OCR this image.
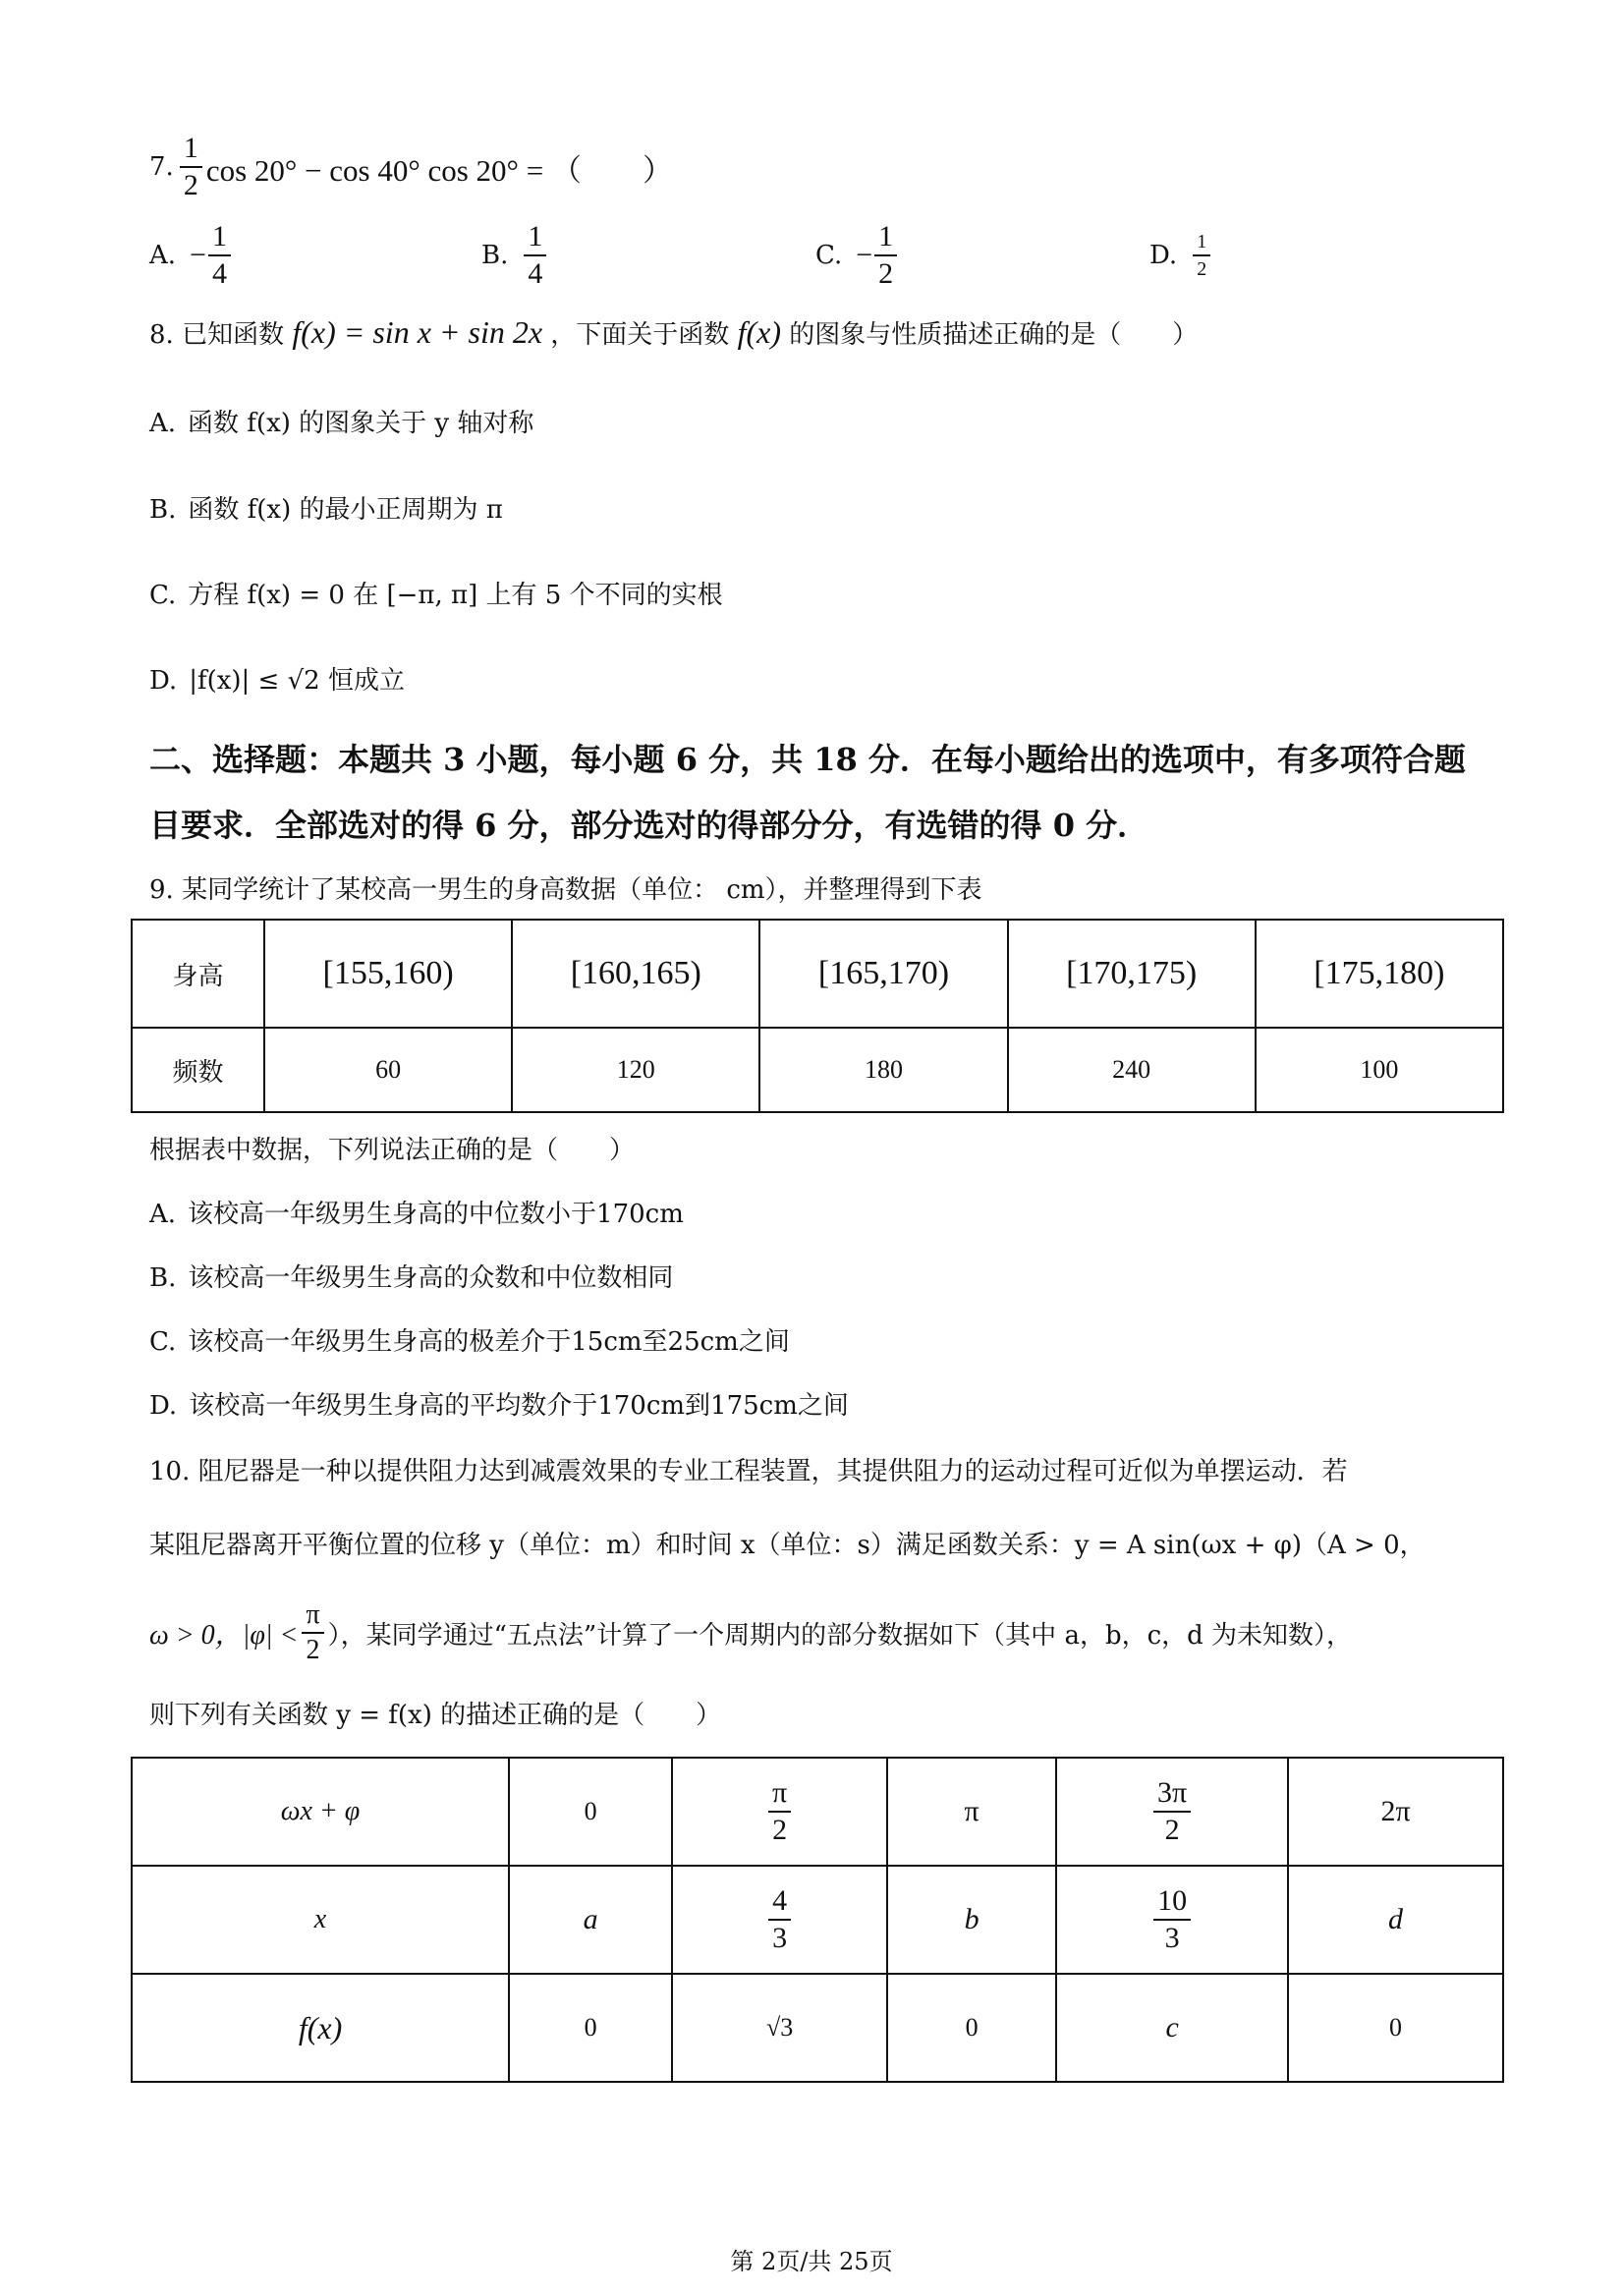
7. $\frac{1}{2}$ cos 20° − cos 40° cos 20° = （　　）
A. − $\frac{1}{4}$	B. $\frac{1}{4}$	C. − $\frac{1}{2}$	D. $\frac{1}{2}$
8. 已知函数 f(x) = sin x + sin 2x ，下面关于函数 f(x) 的图象与性质描述正确的是（　　）
A. 函数 f(x) 的图象关于 y 轴对称
B. 函数 f(x) 的最小正周期为 π
C. 方程 f(x) = 0 在 [−π, π] 上有 5 个不同的实根
D. |f(x)| ≤ √2 恒成立
二、选择题：本题共 3 小题，每小题 6 分，共 18 分．在每小题给出的选项中，有多项符合题
目要求．全部选对的得 6 分，部分选对的得部分分，有选错的得 0 分．
9. 某同学统计了某校高一男生的身高数据（单位： cm），并整理得到下表
身高	[155,160)	[160,165)	[165,170)	[170,175)	[175,180)
频数	60	120	180	240	100
根据表中数据，下列说法正确的是（　　）
A. 该校高一年级男生身高的中位数小于170cm
B. 该校高一年级男生身高的众数和中位数相同
C. 该校高一年级男生身高的极差介于15cm至25cm之间
D. 该校高一年级男生身高的平均数介于170cm到175cm之间
10. 阻尼器是一种以提供阻力达到减震效果的专业工程装置，其提供阻力的运动过程可近似为单摆运动．若
某阻尼器离开平衡位置的位移 y（单位：m）和时间 x（单位：s）满足函数关系：y = A sin(ωx + φ)（A > 0，
ω > 0，$|\varphi| < \frac{\pi}{2}$ ），某同学通过“五点法”计算了一个周期内的部分数据如下（其中 a，b，c，d 为未知数），
则下列有关函数 y = f(x) 的描述正确的是（　　）
ωx + φ	0	$\frac{\pi}{2}$	π	$\frac{3\pi}{2}$	2π
x	a	$\frac{4}{3}$	b	$\frac{10}{3}$	d
f(x)	0	√3	0	c	0
第 2页/共 25页
